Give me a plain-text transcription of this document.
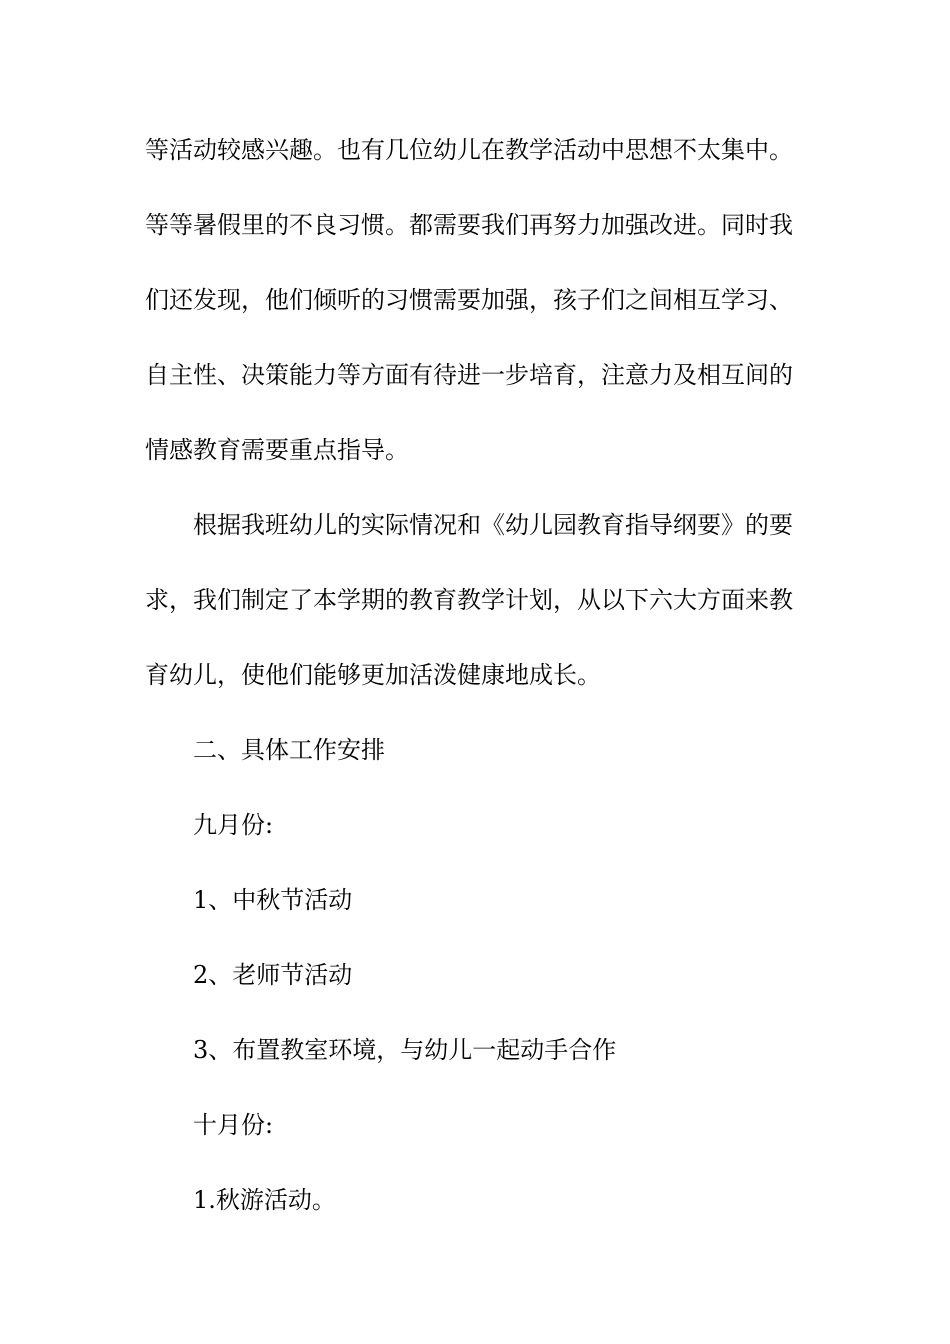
等活动较感兴趣。也有几位幼儿在教学活动中思想不太集中。
等等暑假里的不良习惯。都需要我们再努力加强改进。同时我
们还发现，他们倾听的习惯需要加强，孩子们之间相互学习、
自主性、决策能力等方面有待进一步培育，注意力及相互间的
情感教育需要重点指导。
根据我班幼儿的实际情况和《幼儿园教育指导纲要》的要
求，我们制定了本学期的教育教学计划，从以下六大方面来教
育幼儿，使他们能够更加活泼健康地成长。
二、具体工作安排
九月份:
1、中秋节活动
2、老师节活动
3、布置教室环境，与幼儿一起动手合作
十月份:
1.秋游活动。
